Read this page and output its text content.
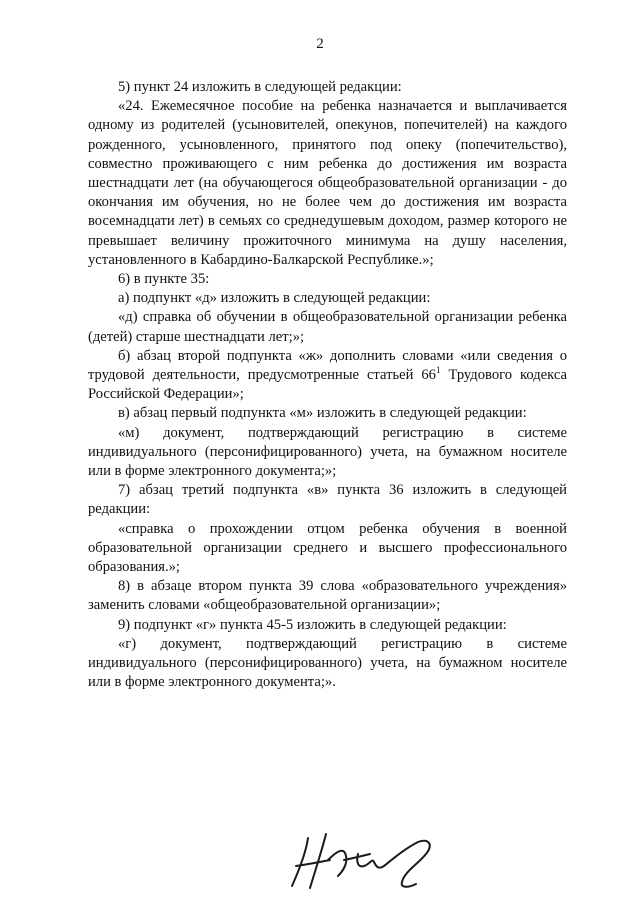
2

5) пункт 24 изложить в следующей редакции:

«24. Ежемесячное пособие на ребенка назначается и выплачивается одному из родителей (усыновителей, опекунов, попечителей) на каждого рожденного, усыновленного, принятого под опеку (попечительство), совместно проживающего с ним ребенка до достижения им возраста шестнадцати лет (на обучающегося общеобразовательной организации - до окончания им обучения, но не более чем до достижения им возраста восемнадцати лет) в семьях со среднедушевым доходом, размер которого не превышает величину прожиточного минимума на душу населения, установленного в Кабардино-Балкарской Республике.»;

6) в пункте 35:

а) подпункт «д» изложить в следующей редакции:

«д) справка об обучении в общеобразовательной организации ребенка (детей) старше шестнадцати лет;»;

б) абзац второй подпункта «ж» дополнить словами «или сведения о трудовой деятельности, предусмотренные статьей $66^1$ Трудового кодекса Российской Федерации»;

в) абзац первый подпункта «м» изложить в следующей редакции:

«м) документ, подтверждающий регистрацию в системе индивидуального (персонифицированного) учета, на бумажном носителе или в форме электронного документа;»;

7) абзац третий подпункта «в» пункта 36 изложить в следующей редакции:

«справка о прохождении отцом ребенка обучения в военной образовательной организации среднего и высшего профессионального образования.»;

8) в абзаце втором пункта 39 слова «образовательного учреждения» заменить словами «общеобразовательной организации»;

9) подпункт «г» пункта 45-5 изложить в следующей редакции:

«г) документ, подтверждающий регистрацию в системе индивидуального (персонифицированного) учета, на бумажном носителе или в форме электронного документа;».
